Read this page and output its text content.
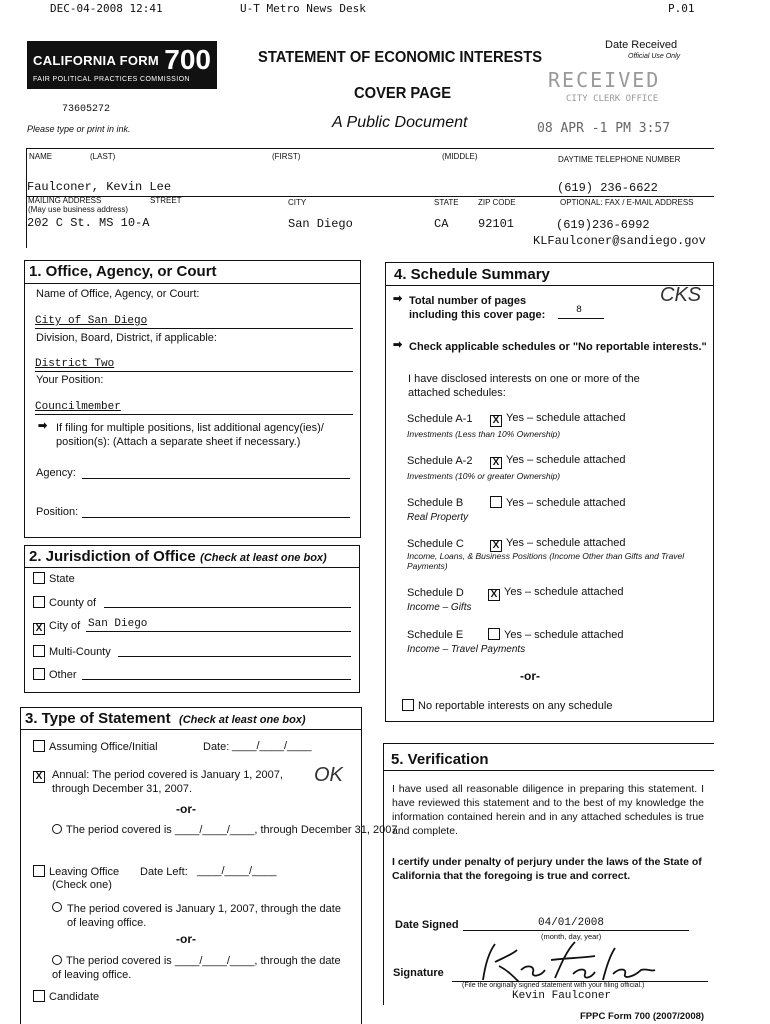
DEC-04-2008 12:41	U-T Metro News Desk	P.01
CALIFORNIA FORM 700
FAIR POLITICAL PRACTICES COMMISSION
73605272
Please type or print in ink.
STATEMENT OF ECONOMIC INTERESTS
COVER PAGE
A Public Document
Date Received
Official Use Only
RECEIVED
CITY CLERK OFFICE
08 APR -1 PM 3:57
NAME	(LAST)	(FIRST)	(MIDDLE)	DAYTIME TELEPHONE NUMBER
Faulconer, Kevin Lee	(619) 236-6622
MAILING ADDRESS
(May use business address)
STREET	CITY	STATE ZIP CODE	OPTIONAL: FAX / E-MAIL ADDRESS
202 C St. MS 10-A	San Diego	CA 92101	(619)236-6992
KLFaulconer@sandiego.gov
1. Office, Agency, or Court
Name of Office, Agency, or Court:
City of San Diego
Division, Board, District, if applicable:
District Two
Your Position:
Councilmember
➡ If filing for multiple positions, list additional agency(ies)/ position(s): (Attach a separate sheet if necessary.)
Agency:
Position:
2. Jurisdiction of Office (Check at least one box)
State
County of
X City of San Diego
Multi-County
Other
3. Type of Statement (Check at least one box)
Assuming Office/Initial	Date: ____/____/____
X Annual: The period covered is January 1, 2007, through December 31, 2007.
OK
-or-
The period covered is ____/____/____, through December 31, 2007.
Leaving Office Date Left: ____/____/____
(Check one)
The period covered is January 1, 2007, through the date of leaving office.
-or-
The period covered is ____/____/____, through the date of leaving office.
Candidate
4. Schedule Summary
➡ Total number of pages including this cover page:	8
CKS
➡ Check applicable schedules or "No reportable interests."
I have disclosed interests on one or more of the attached schedules:
Schedule A-1 X Yes – schedule attached
Investments (Less than 10% Ownership)
Schedule A-2 X Yes – schedule attached
Investments (10% or greater Ownership)
Schedule B	Yes – schedule attached
Real Property
Schedule C	X Yes – schedule attached
Income, Loans, & Business Positions (Income Other than Gifts and Travel Payments)
Schedule D	X Yes – schedule attached
Income – Gifts
Schedule E	Yes – schedule attached
Income – Travel Payments
-or-
No reportable interests on any schedule
5. Verification
I have used all reasonable diligence in preparing this statement. I have reviewed this statement and to the best of my knowledge the information contained herein and in any attached schedules is true and complete.
I certify under penalty of perjury under the laws of the State of California that the foregoing is true and correct.
Date Signed	04/01/2008
(month, day, year)
Signature
(File the originally signed statement with your filing official.)
Kevin Faulconer
FPPC Form 700 (2007/2008)
